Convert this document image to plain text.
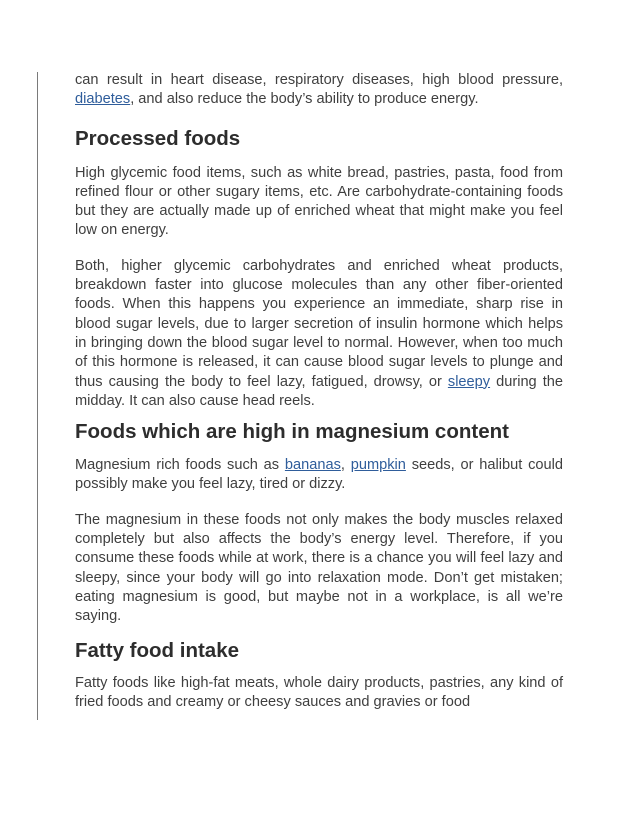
can result in heart disease, respiratory diseases, high blood pressure, diabetes, and also reduce the body’s ability to produce energy.

Processed foods

High glycemic food items, such as white bread, pastries, pasta, food from refined flour or other sugary items, etc. Are carbohydrate-containing foods but they are actually made up of enriched wheat that might make you feel low on energy.

Both, higher glycemic carbohydrates and enriched wheat products, breakdown faster into glucose molecules than any other fiber-oriented foods. When this happens you experience an immediate, sharp rise in blood sugar levels, due to larger secretion of insulin hormone which helps in bringing down the blood sugar level to normal. However, when too much of this hormone is released, it can cause blood sugar levels to plunge and thus causing the body to feel lazy, fatigued, drowsy, or sleepy during the midday. It can also cause head reels.

Foods which are high in magnesium content

Magnesium rich foods such as bananas, pumpkin seeds, or halibut could possibly make you feel lazy, tired or dizzy.

The magnesium in these foods not only makes the body muscles relaxed completely but also affects the body’s energy level. Therefore, if you consume these foods while at work, there is a chance you will feel lazy and sleepy, since your body will go into relaxation mode. Don’t get mistaken; eating magnesium is good, but maybe not in a workplace, is all we’re saying.

Fatty food intake

Fatty foods like high-fat meats, whole dairy products, pastries, any kind of fried foods and creamy or cheesy sauces and gravies or food
